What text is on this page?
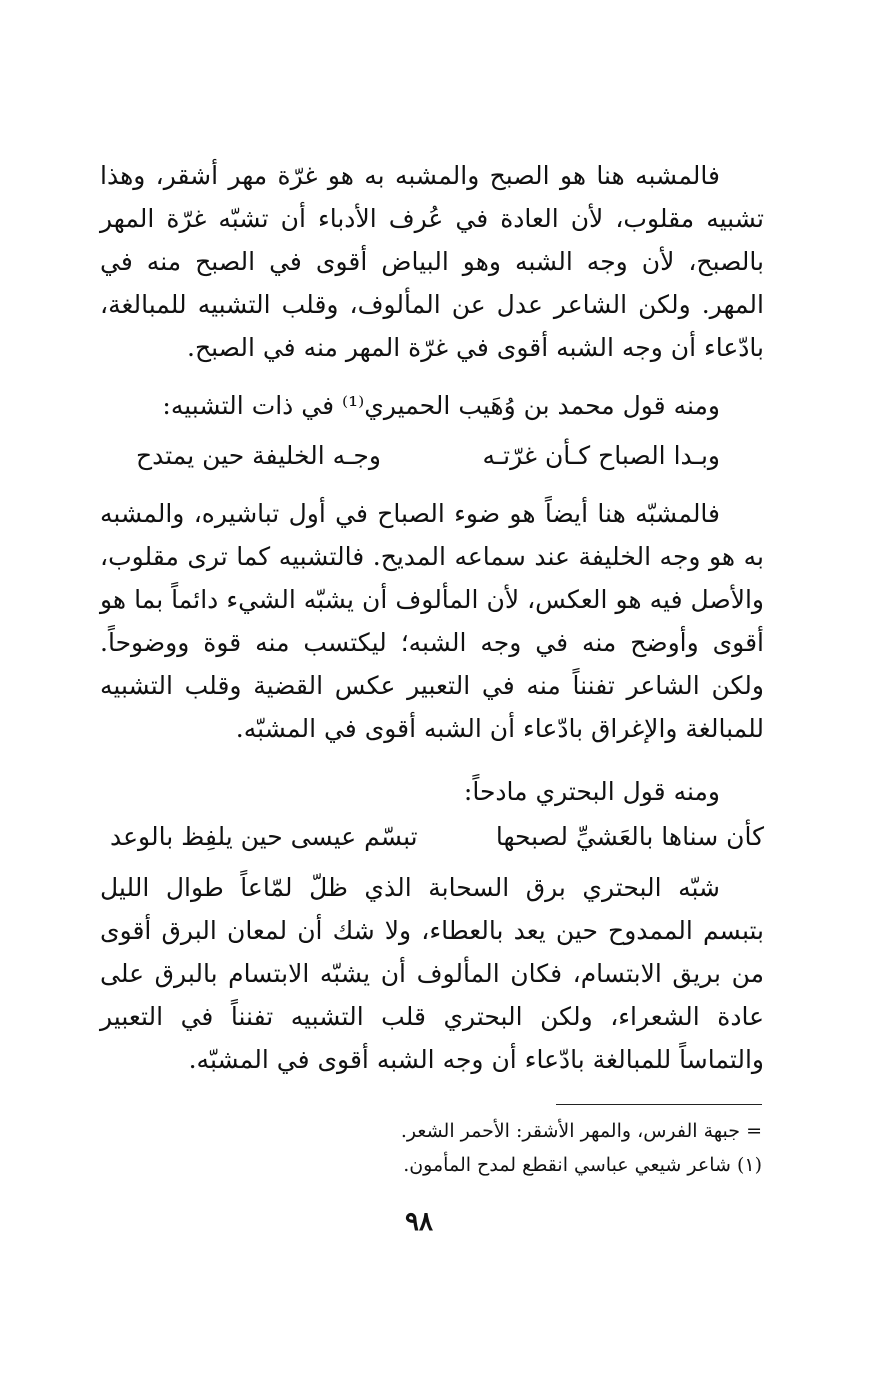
فالمشبه هنا هو الصبح والمشبه به هو غرّة مهر أشقر، وهذا تشبيه مقلوب، لأن العادة في عُرف الأدباء أن تشبّه غرّة المهر بالصبح، لأن وجه الشبه وهو البياض أقوى في الصبح منه في المهر. ولكن الشاعر عدل عن المألوف، وقلب التشبيه للمبالغة، بادّعاء أن وجه الشبه أقوى في غرّة المهر منه في الصبح.

ومنه قول محمد بن وُهَيب الحميري⁽¹⁾ في ذات التشبيه:

وبـدا الصباح كـأن غرّتـه
وجـه الخليفة حين يمتدح

فالمشبّه هنا أيضاً هو ضوء الصباح في أول تباشيره، والمشبه به هو وجه الخليفة عند سماعه المديح. فالتشبيه كما ترى مقلوب، والأصل فيه هو العكس، لأن المألوف أن يشبّه الشيء دائماً بما هو أقوى وأوضح منه في وجه الشبه؛ ليكتسب منه قوة ووضوحاً. ولكن الشاعر تفنناً منه في التعبير عكس القضية وقلب التشبيه للمبالغة والإغراق بادّعاء أن الشبه أقوى في المشبّه.

ومنه قول البحتري مادحاً:

كأن سناها بالعَشيِّ لصبحها
تبسّم عيسى حين يلفِظ بالوعد

شبّه البحتري برق السحابة الذي ظلّ لمّاعاً طوال الليل بتبسم الممدوح حين يعد بالعطاء، ولا شك أن لمعان البرق أقوى من بريق الابتسام، فكان المألوف أن يشبّه الابتسام بالبرق على عادة الشعراء، ولكن البحتري قلب التشبيه تفنناً في التعبير والتماساً للمبالغة بادّعاء أن وجه الشبه أقوى في المشبّه.

= جبهة الفرس، والمهر الأشقر: الأحمر الشعر.

(١) شاعر شيعي عباسي انقطع لمدح المأمون.

٩٨
